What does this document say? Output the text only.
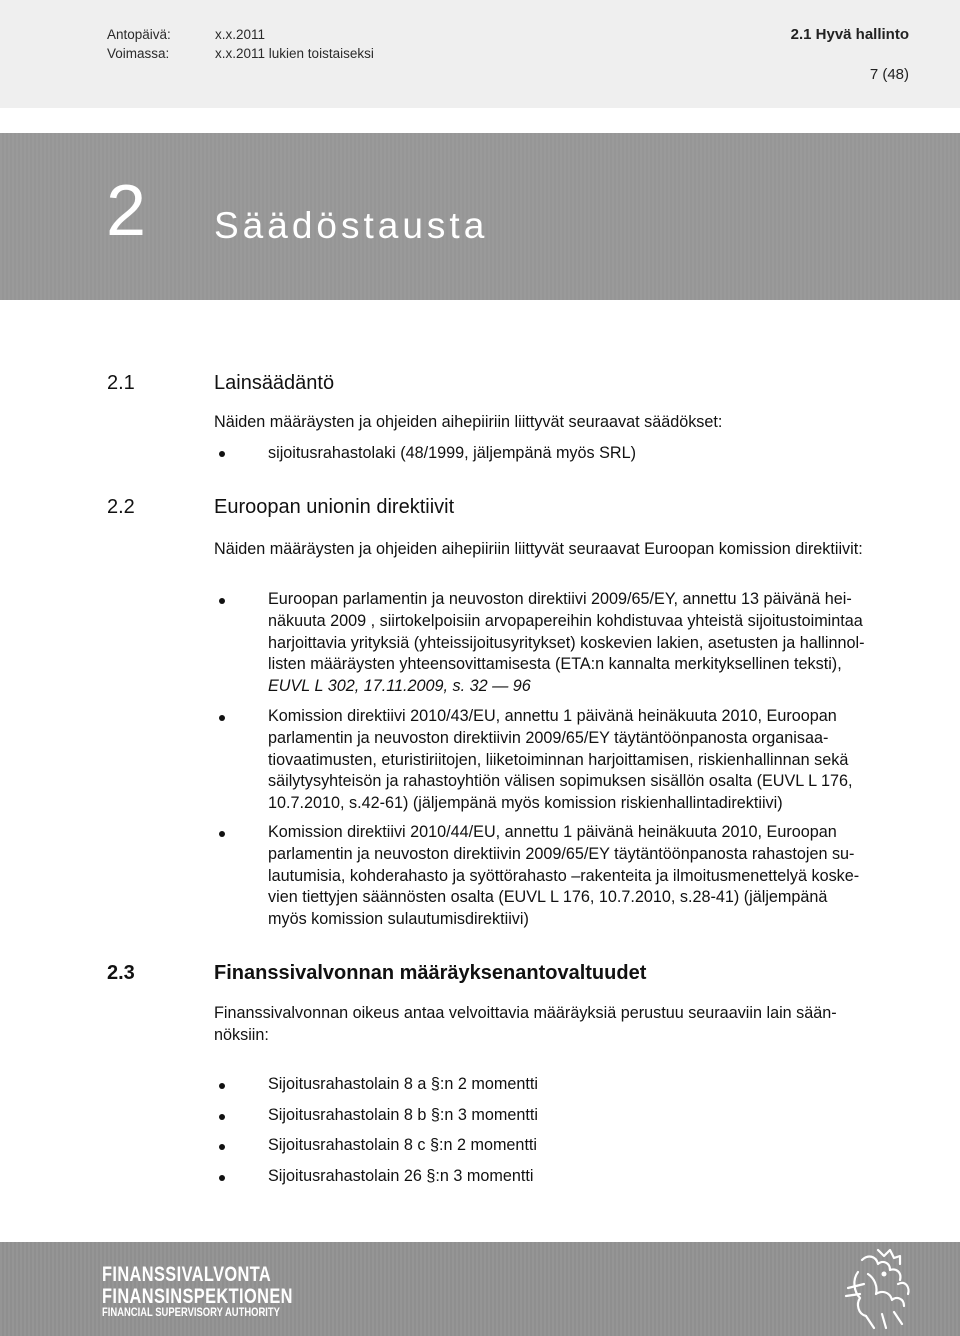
Antopäivä:	x.x.2011
Voimassa:	x.x.2011 lukien toistaiseksi
2.1 Hyvä hallinto
7 (48)
2 Säädöstausta
2.1	Lainsäädäntö
Näiden määräysten ja ohjeiden aihepiiriin liittyvät seuraavat säädökset:
sijoitusrahastolaki (48/1999, jäljempänä myös SRL)
2.2	Euroopan unionin direktiivit
Näiden määräysten ja ohjeiden aihepiiriin liittyvät seuraavat Euroopan komission direktiivit:
Euroopan parlamentin ja neuvoston direktiivi 2009/65/EY, annettu 13 päivänä hei-
näkuuta 2009 , siirtokelpoisiin arvopapereihin kohdistuvaa yhteistä sijoitustoimintaa
harjoittavia yrityksiä (yhteissijoitusyritykset) koskevien lakien, asetusten ja hallinnol-
listen määräysten yhteensovittamisesta (ETA:n kannalta merkityksellinen teksti),
EUVL L 302, 17.11.2009, s. 32 — 96
Komission direktiivi 2010/43/EU, annettu 1 päivänä heinäkuuta 2010, Euroopan
parlamentin ja neuvoston direktiivin 2009/65/EY täytäntöönpanosta organisaa-
tiovaatimusten, eturistiriitojen, liiketoiminnan harjoittamisen, riskienhallinnan sekä
säilytysyhteisön ja rahastoyhtiön välisen sopimuksen sisällön osalta (EUVL L 176,
10.7.2010, s.42-61) (jäljempänä myös komission riskienhallintadirektiivi)
Komission direktiivi 2010/44/EU, annettu 1 päivänä heinäkuuta 2010, Euroopan
parlamentin ja neuvoston direktiivin 2009/65/EY täytäntöönpanosta rahastojen su-
lautumisia, kohderahasto ja syöttörahasto –rakenteita ja ilmoitusmenettelyä koske-
vien tiettyjen säännösten osalta (EUVL L 176, 10.7.2010, s.28-41) (jäljempänä
myös komission sulautumisdirektiivi)
2.3	Finanssivalvonnan määräyksenantovaltuudet
Finanssivalvonnan oikeus antaa velvoittavia määräyksiä perustuu seuraaviin lain sään-
nöksiin:
Sijoitusrahastolain 8 a §:n 2 momentti
Sijoitusrahastolain 8 b §:n 3 momentti
Sijoitusrahastolain 8 c §:n 2 momentti
Sijoitusrahastolain 26 §:n 3 momentti
FINANSSIVALVONTA
FINANSINSPEKTIONEN
FINANCIAL SUPERVISORY AUTHORITY
